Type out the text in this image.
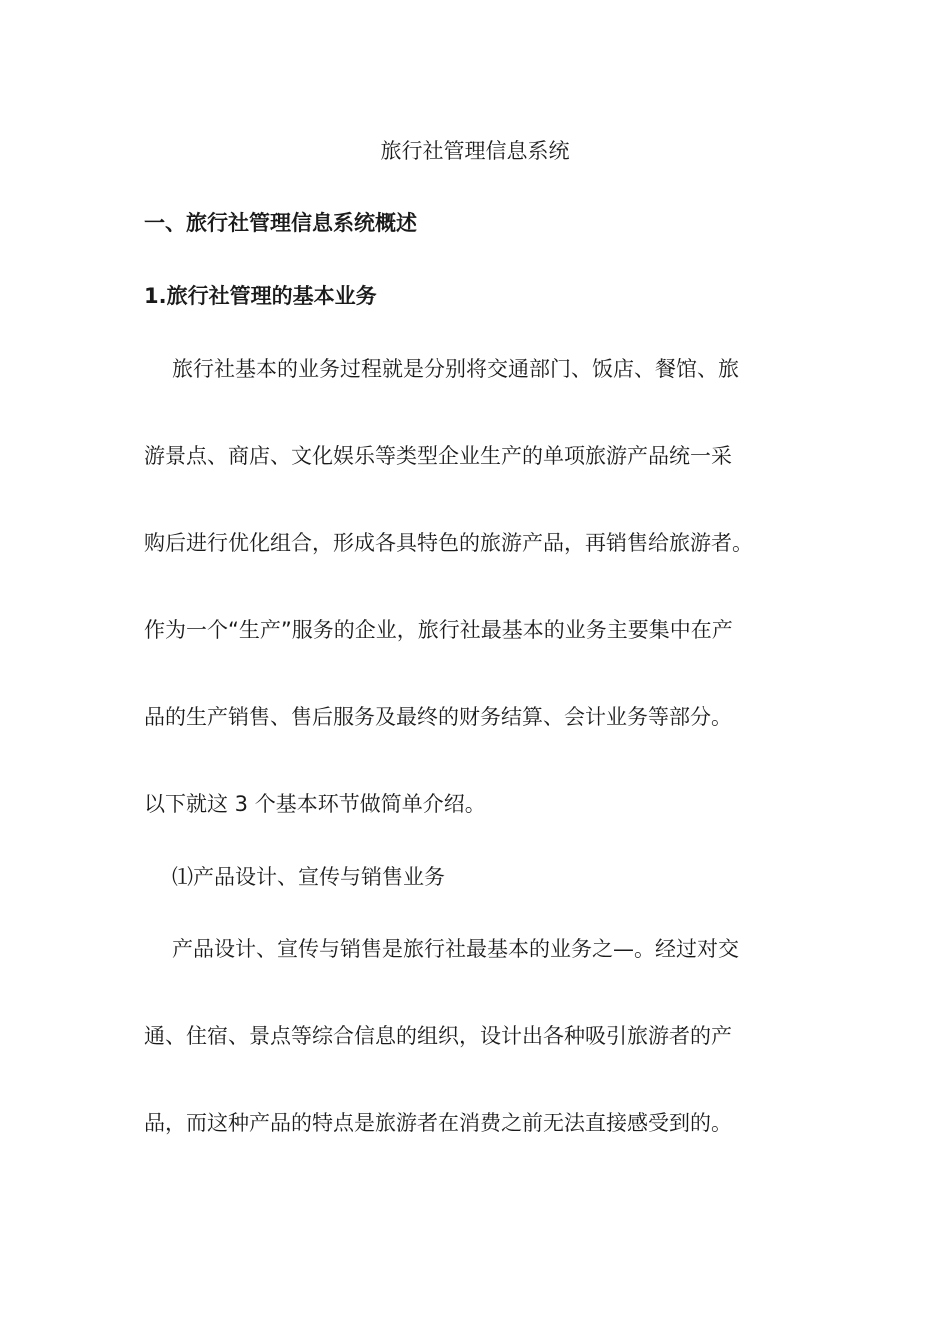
旅行社管理信息系统
一、旅行社管理信息系统概述
1.旅行社管理的基本业务

旅行社基本的业务过程就是分别将交通部门、饭店、餐馆、旅

游景点、商店、文化娱乐等类型企业生产的单项旅游产品统一采

购后进行优化组合，形成各具特色的旅游产品，再销售给旅游者。

作为一个“生产”服务的企业，旅行社最基本的业务主要集中在产

品的生产销售、售后服务及最终的财务结算、会计业务等部分。

以下就这 3 个基本环节做简单介绍。

⑴产品设计、宣传与销售业务

产品设计、宣传与销售是旅行社最基本的业务之—。经过对交

通、住宿、景点等综合信息的组织，设计出各种吸引旅游者的产

品，而这种产品的特点是旅游者在消费之前无法直接感受到的。
